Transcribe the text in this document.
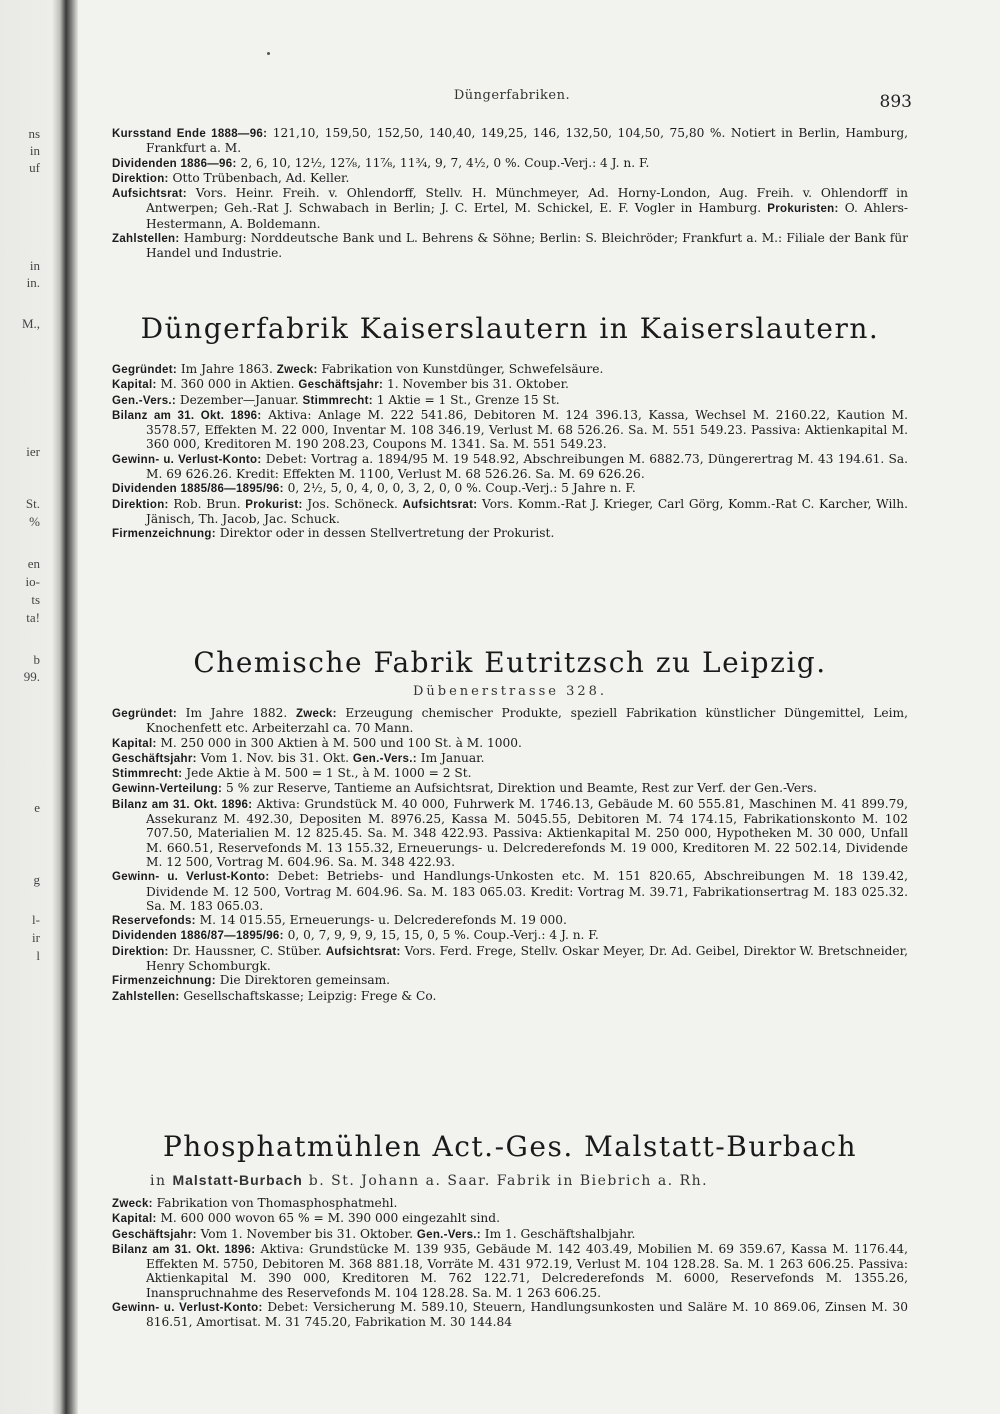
ns
in
uf
in
in.
M.,
ier
St.
%
en
io-
ts
ta!
b
99.
e
g
l-
ir
l
Düngerfabriken.	893

Kursstand Ende 1888—96: 121,10, 159,50, 152,50, 140,40, 149,25, 146, 132,50, 104,50, 75,80 %. Notiert in Berlin, Hamburg, Frankfurt a. M.

Dividenden 1886—96: 2, 6, 10, 12½, 12⅞, 11⅞, 11¾, 9, 7, 4½, 0 %. Coup.-Verj.: 4 J. n. F.

Direktion: Otto Trübenbach, Ad. Keller.

Aufsichtsrat: Vors. Heinr. Freih. v. Ohlendorff, Stellv. H. Münchmeyer, Ad. Horny-London, Aug. Freih. v. Ohlendorff in Antwerpen; Geh.-Rat J. Schwabach in Berlin; J. C. Ertel, M. Schickel, E. F. Vogler in Hamburg. Prokuristen: O. Ahlers-Hestermann, A. Boldemann.

Zahlstellen: Hamburg: Norddeutsche Bank und L. Behrens & Söhne; Berlin: S. Bleichröder; Frankfurt a. M.: Filiale der Bank für Handel und Industrie.

Düngerfabrik Kaiserslautern in Kaiserslautern.

Gegründet: Im Jahre 1863. Zweck: Fabrikation von Kunstdünger, Schwefelsäure.

Kapital: M. 360 000 in Aktien. Geschäftsjahr: 1. November bis 31. Oktober.

Gen.-Vers.: Dezember—Januar. Stimmrecht: 1 Aktie = 1 St., Grenze 15 St.

Bilanz am 31. Okt. 1896: Aktiva: Anlage M. 222 541.86, Debitoren M. 124 396.13, Kassa, Wechsel M. 2160.22, Kaution M. 3578.57, Effekten M. 22 000, Inventar M. 108 346.19, Verlust M. 68 526.26. Sa. M. 551 549.23. Passiva: Aktienkapital M. 360 000, Kreditoren M. 190 208.23, Coupons M. 1341. Sa. M. 551 549.23.

Gewinn- u. Verlust-Konto: Debet: Vortrag a. 1894/95 M. 19 548.92, Abschreibungen M. 6882.73, Düngerertrag M. 43 194.61. Sa. M. 69 626.26. Kredit: Effekten M. 1100, Verlust M. 68 526.26. Sa. M. 69 626.26.

Dividenden 1885/86—1895/96: 0, 2½, 5, 0, 4, 0, 0, 3, 2, 0, 0 %. Coup.-Verj.: 5 Jahre n. F.

Direktion: Rob. Brun. Prokurist: Jos. Schöneck. Aufsichtsrat: Vors. Komm.-Rat J. Krieger, Carl Görg, Komm.-Rat C. Karcher, Wilh. Jänisch, Th. Jacob, Jac. Schuck.

Firmenzeichnung: Direktor oder in dessen Stellvertretung der Prokurist.

Chemische Fabrik Eutritzsch zu Leipzig.
Dübenerstrasse 328.

Gegründet: Im Jahre 1882. Zweck: Erzeugung chemischer Produkte, speziell Fabrikation künstlicher Düngemittel, Leim, Knochenfett etc. Arbeiterzahl ca. 70 Mann.

Kapital: M. 250 000 in 300 Aktien à M. 500 und 100 St. à M. 1000.

Geschäftsjahr: Vom 1. Nov. bis 31. Okt. Gen.-Vers.: Im Januar.

Stimmrecht: Jede Aktie à M. 500 = 1 St., à M. 1000 = 2 St.

Gewinn-Verteilung: 5 % zur Reserve, Tantieme an Aufsichtsrat, Direktion und Beamte, Rest zur Verf. der Gen.-Vers.

Bilanz am 31. Okt. 1896: Aktiva: Grundstück M. 40 000, Fuhrwerk M. 1746.13, Gebäude M. 60 555.81, Maschinen M. 41 899.79, Assekuranz M. 492.30, Depositen M. 8976.25, Kassa M. 5045.55, Debitoren M. 74 174.15, Fabrikationskonto M. 102 707.50, Materialien M. 12 825.45. Sa. M. 348 422.93. Passiva: Aktienkapital M. 250 000, Hypotheken M. 30 000, Unfall M. 660.51, Reservefonds M. 13 155.32, Erneuerungs- u. Delcrederefonds M. 19 000, Kreditoren M. 22 502.14, Dividende M. 12 500, Vortrag M. 604.96. Sa. M. 348 422.93.

Gewinn- u. Verlust-Konto: Debet: Betriebs- und Handlungs-Unkosten etc. M. 151 820.65, Abschreibungen M. 18 139.42, Dividende M. 12 500, Vortrag M. 604.96. Sa. M. 183 065.03. Kredit: Vortrag M. 39.71, Fabrikationsertrag M. 183 025.32. Sa. M. 183 065.03.

Reservefonds: M. 14 015.55, Erneuerungs- u. Delcrederefonds M. 19 000.

Dividenden 1886/87—1895/96: 0, 0, 7, 9, 9, 9, 15, 15, 0, 5 %. Coup.-Verj.: 4 J. n. F.

Direktion: Dr. Haussner, C. Stüber. Aufsichtsrat: Vors. Ferd. Frege, Stellv. Oskar Meyer, Dr. Ad. Geibel, Direktor W. Bretschneider, Henry Schomburgk.

Firmenzeichnung: Die Direktoren gemeinsam.

Zahlstellen: Gesellschaftskasse; Leipzig: Frege & Co.

Phosphatmühlen Act.-Ges. Malstatt-Burbach
in Malstatt-Burbach b. St. Johann a. Saar. Fabrik in Biebrich a. Rh.

Zweck: Fabrikation von Thomasphosphatmehl.

Kapital: M. 600 000 wovon 65 % = M. 390 000 eingezahlt sind.

Geschäftsjahr: Vom 1. November bis 31. Oktober. Gen.-Vers.: Im 1. Geschäftshalbjahr.

Bilanz am 31. Okt. 1896: Aktiva: Grundstücke M. 139 935, Gebäude M. 142 403.49, Mobilien M. 69 359.67, Kassa M. 1176.44, Effekten M. 5750, Debitoren M. 368 881.18, Vorräte M. 431 972.19, Verlust M. 104 128.28. Sa. M. 1 263 606.25. Passiva: Aktienkapital M. 390 000, Kreditoren M. 762 122.71, Delcrederefonds M. 6000, Reservefonds M. 1355.26, Inanspruchnahme des Reservefonds M. 104 128.28. Sa. M. 1 263 606.25.

Gewinn- u. Verlust-Konto: Debet: Versicherung M. 589.10, Steuern, Handlungsunkosten und Saläre M. 10 869.06, Zinsen M. 30 816.51, Amortisat. M. 31 745.20, Fabrikation M. 30 144.84
